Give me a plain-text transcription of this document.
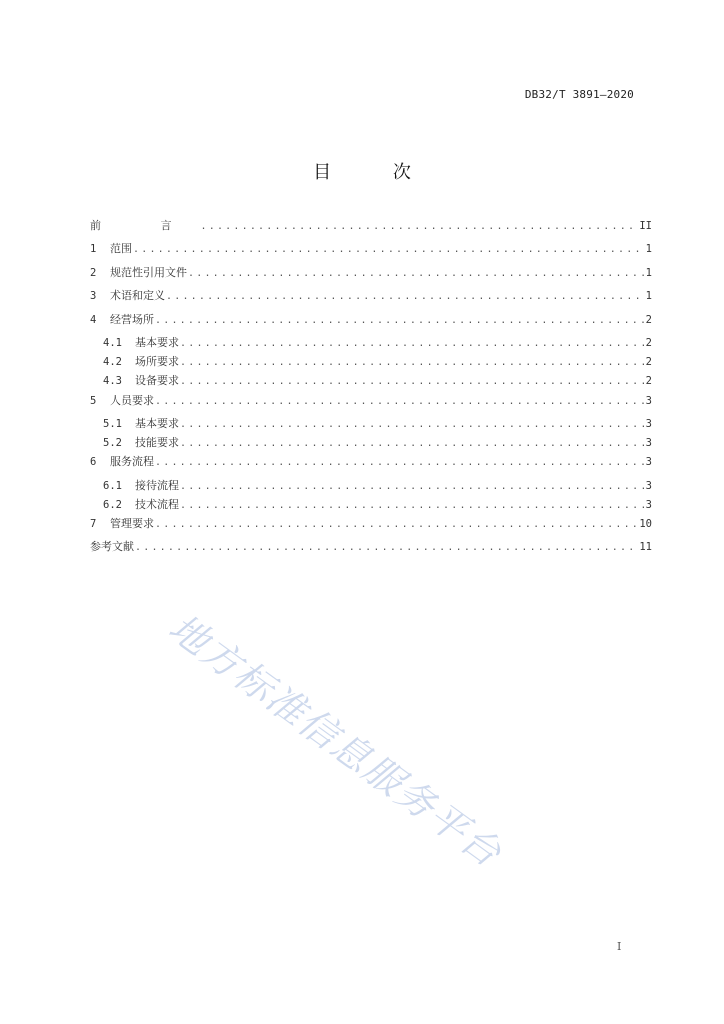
DB32/T 3891—2020
目 次
前 言 .....	II
1	范围 .....	1
2	规范性引用文件 .....	1
3	术语和定义 .....	1
4	经营场所 .....	2
4.1	基本要求 .....	2
4.2	场所要求 .....	2
4.3	设备要求 .....	2
5	人员要求 .....	3
5.1	基本要求 .....	3
5.2	技能要求 .....	3
6	服务流程 .....	3
6.1	接待流程 .....	3
6.2	技术流程 .....	3
7	管理要求 .....	10
参考文献 .....	11
地方标准信息服务平台
I
